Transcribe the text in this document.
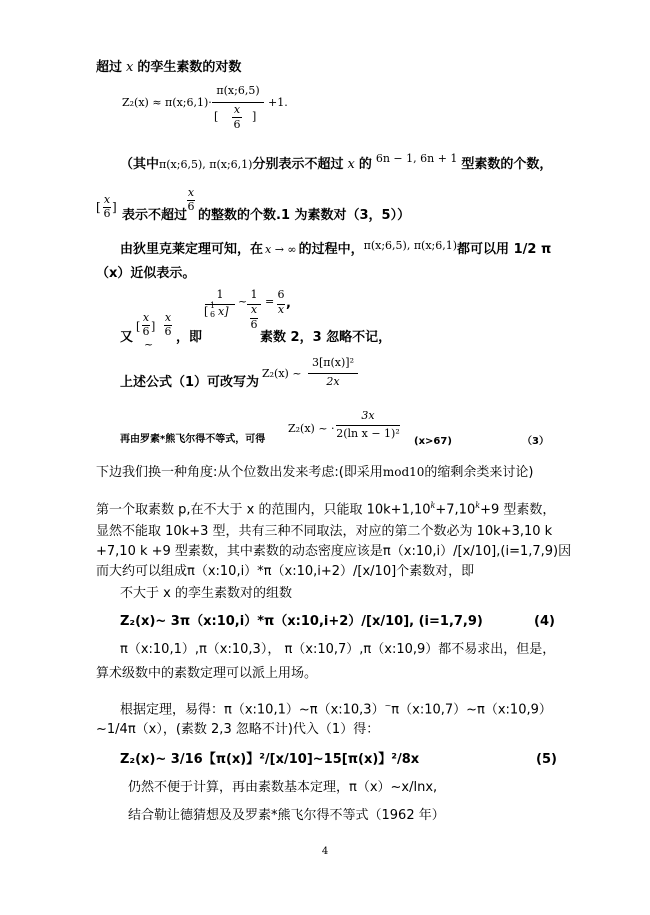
超过 x 的孪生素数的对数
Z₂(x) ≈ π(x;6,1)·
π(x;6,5)
x
[	]
6
+1.
（其中π(x;6,5), π(x;6,1)分别表示不超过 x 的 $^{6n - 1, 6n + 1}$ 型素数的个数，
[
x
6 ]
表示不超过
x
6
的整数的个数.1 为素数对（3，5））
由狄里克莱定理可知，在 x → ∞ 的过程中，$^{\pi(x;6,5), \pi(x;6,1)}$都可以用 1/2 π
（x）近似表示。
又
[
x
6 ]
~
x
6 ，即
1
[ 1
6 x]
~
1
x
6
=
6
x ,
素数 2，3 忽略不记，
上述公式（1）可改写为
Z₂(x) ~
3[π(x)]²
2x
再由罗素*熊飞尔得不等式，可得
Z₂(x) ~ ·
3x
2(ln x − 1)²
(x>67)	（3）
下边我们换一种角度:从个位数出发来考虑:(即采用mod10的缩剩余类来讨论)
第一个取素数 p,在不大于 x 的范围内，只能取 $10k+1,10^k+7,10^k+9$ 型素数，
显然不能取 10k+3 型，共有三种不同取法，对应的第二个数必为 10k+3,10 k
+7,10 k +9 型素数，其中素数的动态密度应该是π（x:10,i）/[x/10],(i=1,7,9)因
而大约可以组成π（x:10,i）*π（x:10,i+2）/[x/10]个素数对，即
不大于 x 的孪生素数对的组数
Z₂(x)~ 3π（x:10,i）*π（x:10,i+2）/[x/10], (i=1,7,9)	(4)
π（x:10,1）,π（x:10,3）， π（x:10,7）,π（x:10,9）都不易求出，但是，
算术级数中的素数定理可以派上用场。
根据定理，易得：π（x:10,1）~π（x:10,3）~π（x:10,7）~π（x:10,9）
~1/4π（x），(素数 2,3 忽略不计)代入（1）得：
Z₂(x)~ 3/16【π(x)】²/[x/10]~15[π(x)】²/8x	(5)
仍然不便于计算，再由素数基本定理，π（x）~x/lnx,
结合勒让德猜想及及罗素*熊飞尔得不等式（1962 年）
4
